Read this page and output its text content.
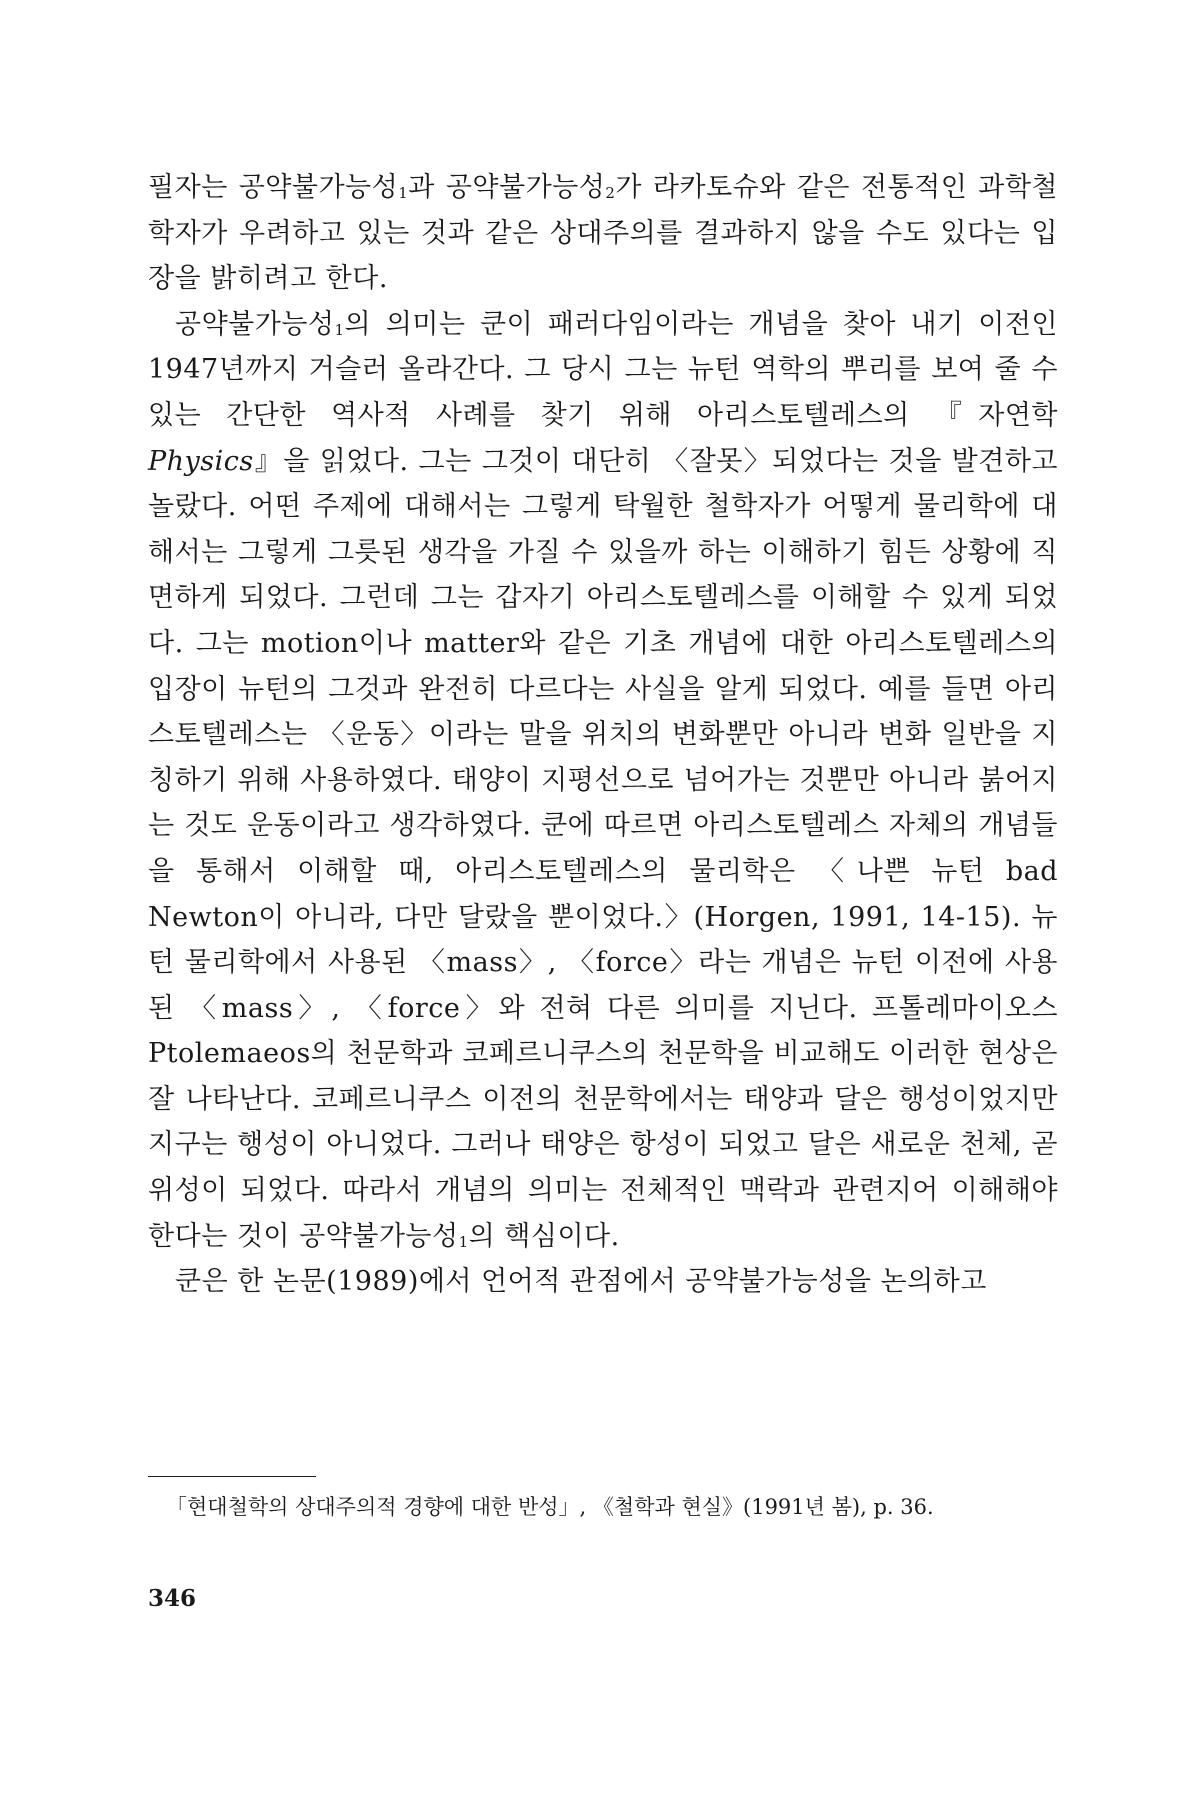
필자는 공약불가능성$_1$과 공약불가능성$_2$가 라카토슈와 같은 전통적인 과학철학자가 우려하고 있는 것과 같은 상대주의를 결과하지 않을 수도 있다는 입장을 밝히려고 한다.

공약불가능성$_1$의 의미는 쿤이 패러다임이라는 개념을 찾아 내기 이전인 1947년까지 거슬러 올라간다. 그 당시 그는 뉴턴 역학의 뿌리를 보여 줄 수 있는 간단한 역사적 사례를 찾기 위해 아리스토텔레스의 『자연학 Physics』을 읽었다. 그는 그것이 대단히 〈잘못〉되었다는 것을 발견하고 놀랐다. 어떤 주제에 대해서는 그렇게 탁월한 철학자가 어떻게 물리학에 대해서는 그렇게 그릇된 생각을 가질 수 있을까 하는 이해하기 힘든 상황에 직면하게 되었다. 그런데 그는 갑자기 아리스토텔레스를 이해할 수 있게 되었다. 그는 motion이나 matter와 같은 기초 개념에 대한 아리스토텔레스의 입장이 뉴턴의 그것과 완전히 다르다는 사실을 알게 되었다. 예를 들면 아리스토텔레스는 〈운동〉이라는 말을 위치의 변화뿐만 아니라 변화 일반을 지칭하기 위해 사용하였다. 태양이 지평선으로 넘어가는 것뿐만 아니라 붉어지는 것도 운동이라고 생각하였다. 쿤에 따르면 아리스토텔레스 자체의 개념들을 통해서 이해할 때, 아리스토텔레스의 물리학은 〈나쁜 뉴턴 bad Newton이 아니라, 다만 달랐을 뿐이었다.〉(Horgen, 1991, 14-15). 뉴턴 물리학에서 사용된 〈mass〉, 〈force〉라는 개념은 뉴턴 이전에 사용된 〈mass〉, 〈force〉와 전혀 다른 의미를 지닌다. 프톨레마이오스 Ptolemaeos의 천문학과 코페르니쿠스의 천문학을 비교해도 이러한 현상은 잘 나타난다. 코페르니쿠스 이전의 천문학에서는 태양과 달은 행성이었지만 지구는 행성이 아니었다. 그러나 태양은 항성이 되었고 달은 새로운 천체, 곧 위성이 되었다. 따라서 개념의 의미는 전체적인 맥락과 관련지어 이해해야 한다는 것이 공약불가능성$_1$의 핵심이다.

쿤은 한 논문(1989)에서 언어적 관점에서 공약불가능성을 논의하고

「현대철학의 상대주의적 경향에 대한 반성」, 《철학과 현실》(1991년 봄), p. 36.
346
